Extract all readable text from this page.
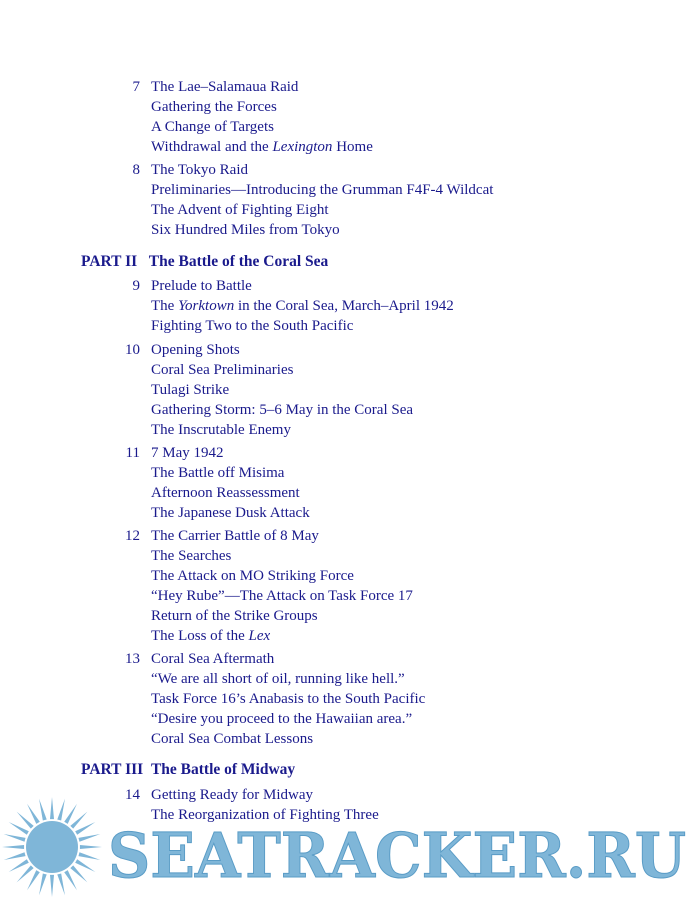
7 The Lae–Salamaua Raid
Gathering the Forces
A Change of Targets
Withdrawal and the Lexington Home
8 The Tokyo Raid
Preliminaries—Introducing the Grumman F4F-4 Wildcat
The Advent of Fighting Eight
Six Hundred Miles from Tokyo
PART II The Battle of the Coral Sea
9 Prelude to Battle
The Yorktown in the Coral Sea, March–April 1942
Fighting Two to the South Pacific
10 Opening Shots
Coral Sea Preliminaries
Tulagi Strike
Gathering Storm: 5–6 May in the Coral Sea
The Inscrutable Enemy
11 7 May 1942
The Battle off Misima
Afternoon Reassessment
The Japanese Dusk Attack
12 The Carrier Battle of 8 May
The Searches
The Attack on MO Striking Force
“Hey Rube”—The Attack on Task Force 17
Return of the Strike Groups
The Loss of the Lex
13 Coral Sea Aftermath
“We are all short of oil, running like hell.”
Task Force 16’s Anabasis to the South Pacific
“Desire you proceed to the Hawaiian area.”
Coral Sea Combat Lessons
PART III The Battle of Midway
14 Getting Ready for Midway
The Reorganization of Fighting Three
SEATRACKER.RU
